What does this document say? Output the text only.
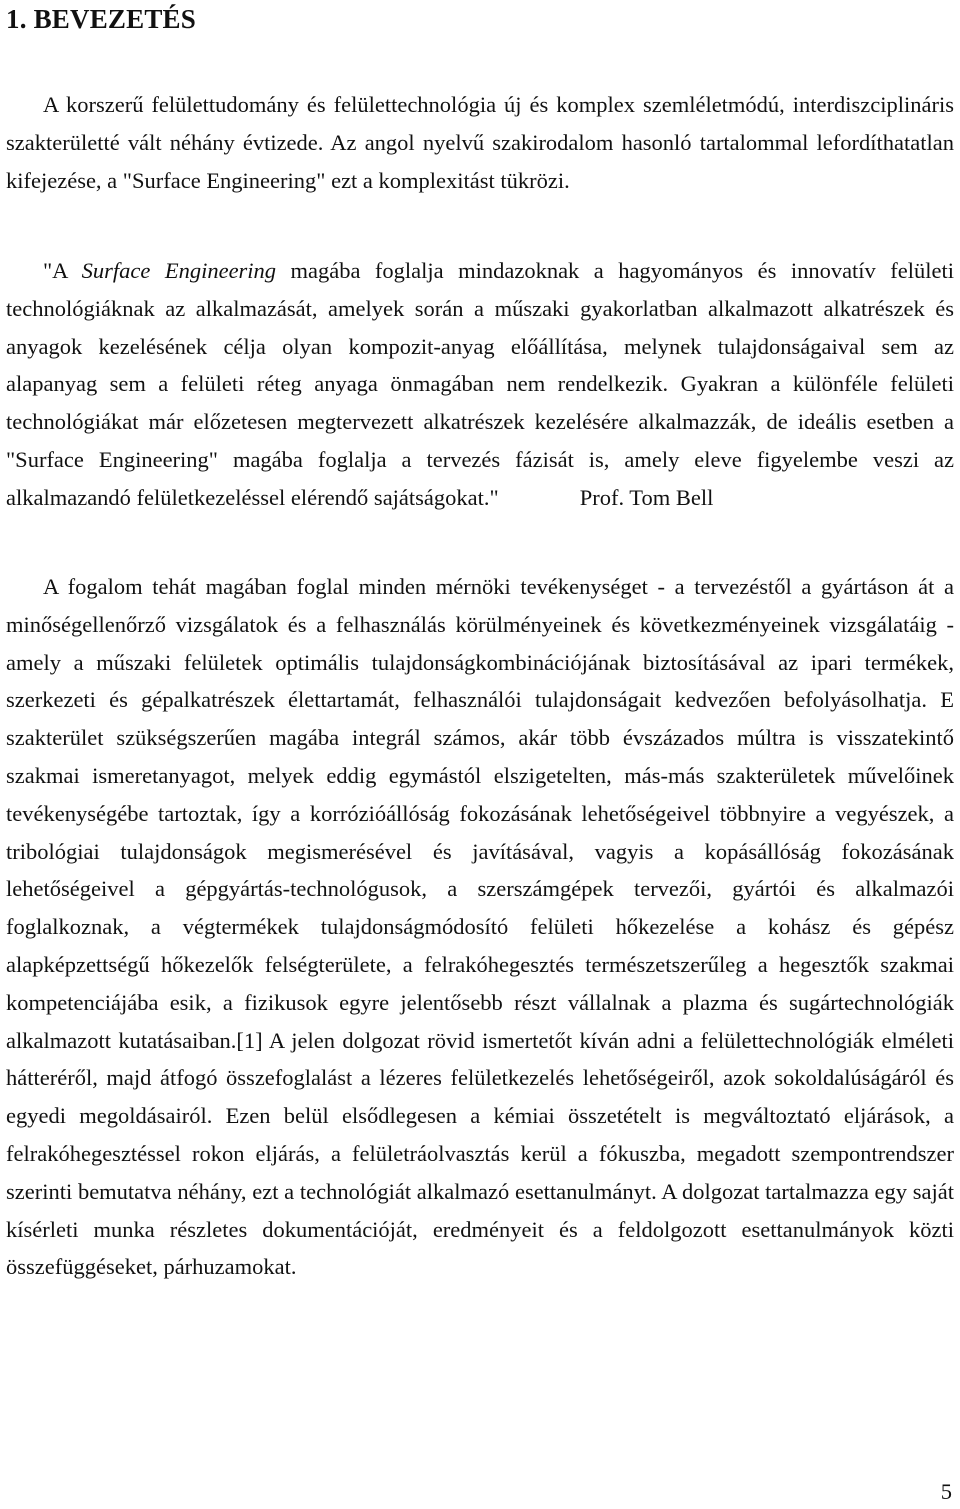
1. BEVEZETÉS

A korszerű felülettudomány és felülettechnológia új és komplex szemléletmódú, interdiszciplináris szakterületté vált néhány évtizede. Az angol nyelvű szakirodalom hasonló tartalommal lefordíthatatlan kifejezése, a "Surface Engineering" ezt a komplexitást tükrözi.

"A Surface Engineering magába foglalja mindazoknak a hagyományos és innovatív felületi technológiáknak az alkalmazását, amelyek során a műszaki gyakorlatban alkalmazott alkatrészek és anyagok kezelésének célja olyan kompozit-anyag előállítása, melynek tulajdonságaival sem az alapanyag sem a felületi réteg anyaga önmagában nem rendelkezik. Gyakran a különféle felületi technológiákat már előzetesen megtervezett alkatrészek kezelésére alkalmazzák, de ideális esetben a "Surface Engineering" magába foglalja a tervezés fázisát is, amely eleve figyelembe veszi az alkalmazandó felületkezeléssel elérendő sajátságokat."	Prof. Tom Bell

A fogalom tehát magában foglal minden mérnöki tevékenységet - a tervezéstől a gyártáson át a minőségellenőrző vizsgálatok és a felhasználás körülményeinek és következményeinek vizsgálatáig - amely a műszaki felületek optimális tulajdonságkombinációjának biztosításával az ipari termékek, szerkezeti és gépalkatrészek élettartamát, felhasználói tulajdonságait kedvezően befolyásolhatja. E szakterület szükségszerűen magába integrál számos, akár több évszázados múltra is visszatekintő szakmai ismeretanyagot, melyek eddig egymástól elszigetelten, más-más szakterületek művelőinek tevékenységébe tartoztak, így a korrózióállóság fokozásának lehetőségeivel többnyire a vegyészek, a tribológiai tulajdonságok megismerésével és javításával, vagyis a kopásállóság fokozásának lehetőségeivel a gépgyártás-technológusok, a szerszámgépek tervezői, gyártói és alkalmazói foglalkoznak, a végtermékek tulajdonságmódosító felületi hőkezelése a kohász és gépész alapképzettségű hőkezelők felségterülete, a felrakóhegesztés természetszerűleg a hegesztők szakmai kompetenciájába esik, a fizikusok egyre jelentősebb részt vállalnak a plazma és sugártechnológiák alkalmazott kutatásaiban.[1] A jelen dolgozat rövid ismertetőt kíván adni a felülettechnológiák elméleti hátteréről, majd átfogó összefoglalást a lézeres felületkezelés lehetőségeiről, azok sokoldalúságáról és egyedi megoldásairól. Ezen belül elsődlegesen a kémiai összetételt is megváltoztató eljárások, a felrakóhegesztéssel rokon eljárás, a felületráolvasztás kerül a fókuszba, megadott szempontrendszer szerinti bemutatva néhány, ezt a technológiát alkalmazó esettanulmányt. A dolgozat tartalmazza egy saját kísérleti munka részletes dokumentációját, eredményeit és a feldolgozott esettanulmányok közti összefüggéseket, párhuzamokat.

5
